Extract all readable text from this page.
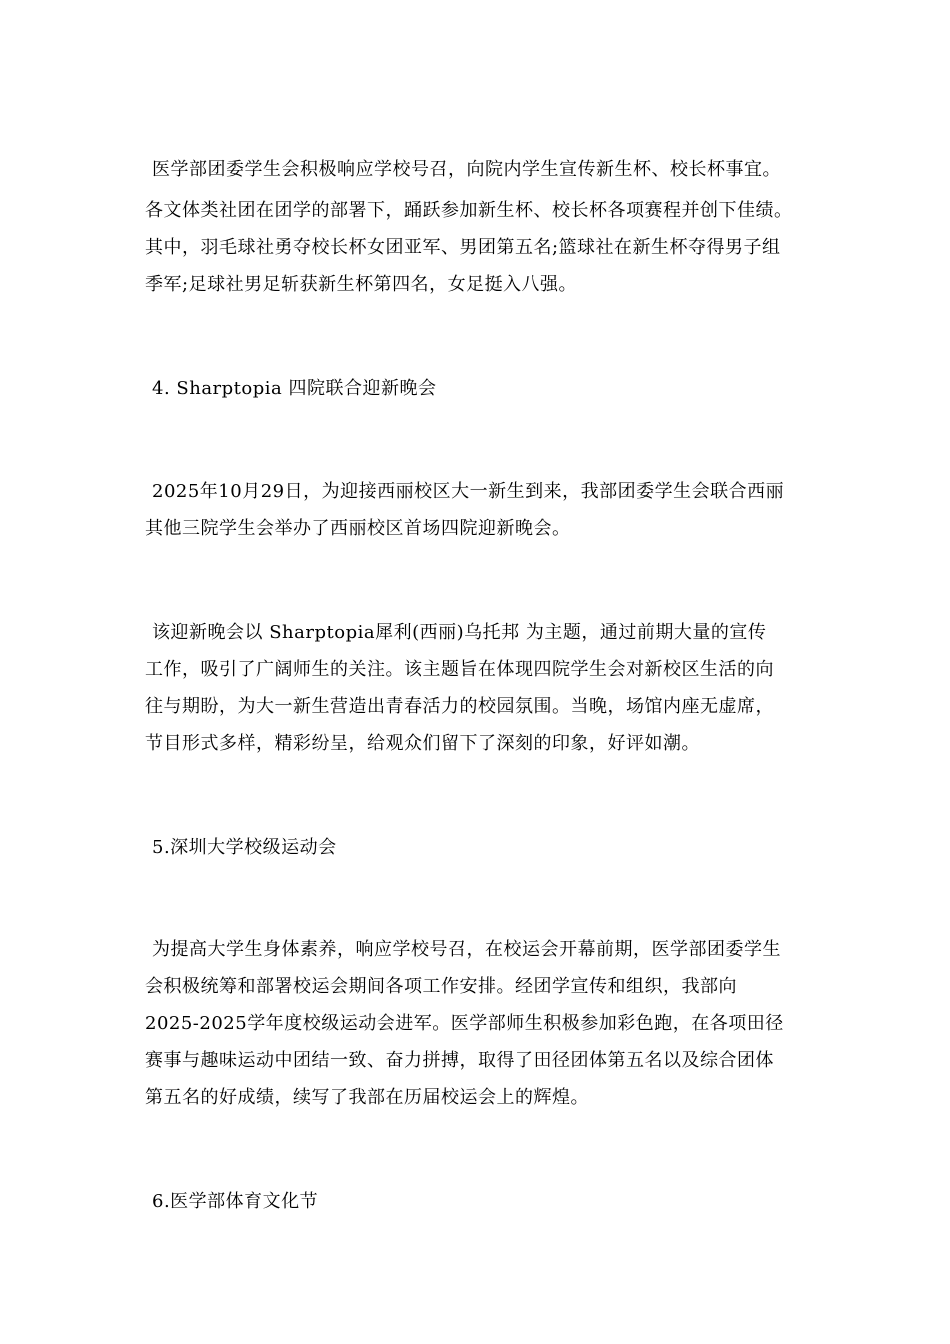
医学部团委学生会积极响应学校号召，向院内学生宣传新生杯、校长杯事宜。
各文体类社团在团学的部署下，踊跃参加新生杯、校长杯各项赛程并创下佳绩。
其中，羽毛球社勇夺校长杯女团亚军、男团第五名;篮球社在新生杯夺得男子组
季军;足球社男足斩获新生杯第四名，女足挺入八强。
4. Sharptopia 四院联合迎新晚会
2025年10月29日，为迎接西丽校区大一新生到来，我部团委学生会联合西丽
其他三院学生会举办了西丽校区首场四院迎新晚会。
该迎新晚会以 Sharptopia犀利(西丽)乌托邦 为主题，通过前期大量的宣传
工作，吸引了广阔师生的关注。该主题旨在体现四院学生会对新校区生活的向
往与期盼，为大一新生营造出青春活力的校园氛围。当晚，场馆内座无虚席，
节目形式多样，精彩纷呈，给观众们留下了深刻的印象，好评如潮。
5.深圳大学校级运动会
为提高大学生身体素养，响应学校号召，在校运会开幕前期，医学部团委学生
会积极统筹和部署校运会期间各项工作安排。经团学宣传和组织，我部向
2025-2025学年度校级运动会进军。医学部师生积极参加彩色跑，在各项田径
赛事与趣味运动中团结一致、奋力拼搏，取得了田径团体第五名以及综合团体
第五名的好成绩，续写了我部在历届校运会上的辉煌。
6.医学部体育文化节
